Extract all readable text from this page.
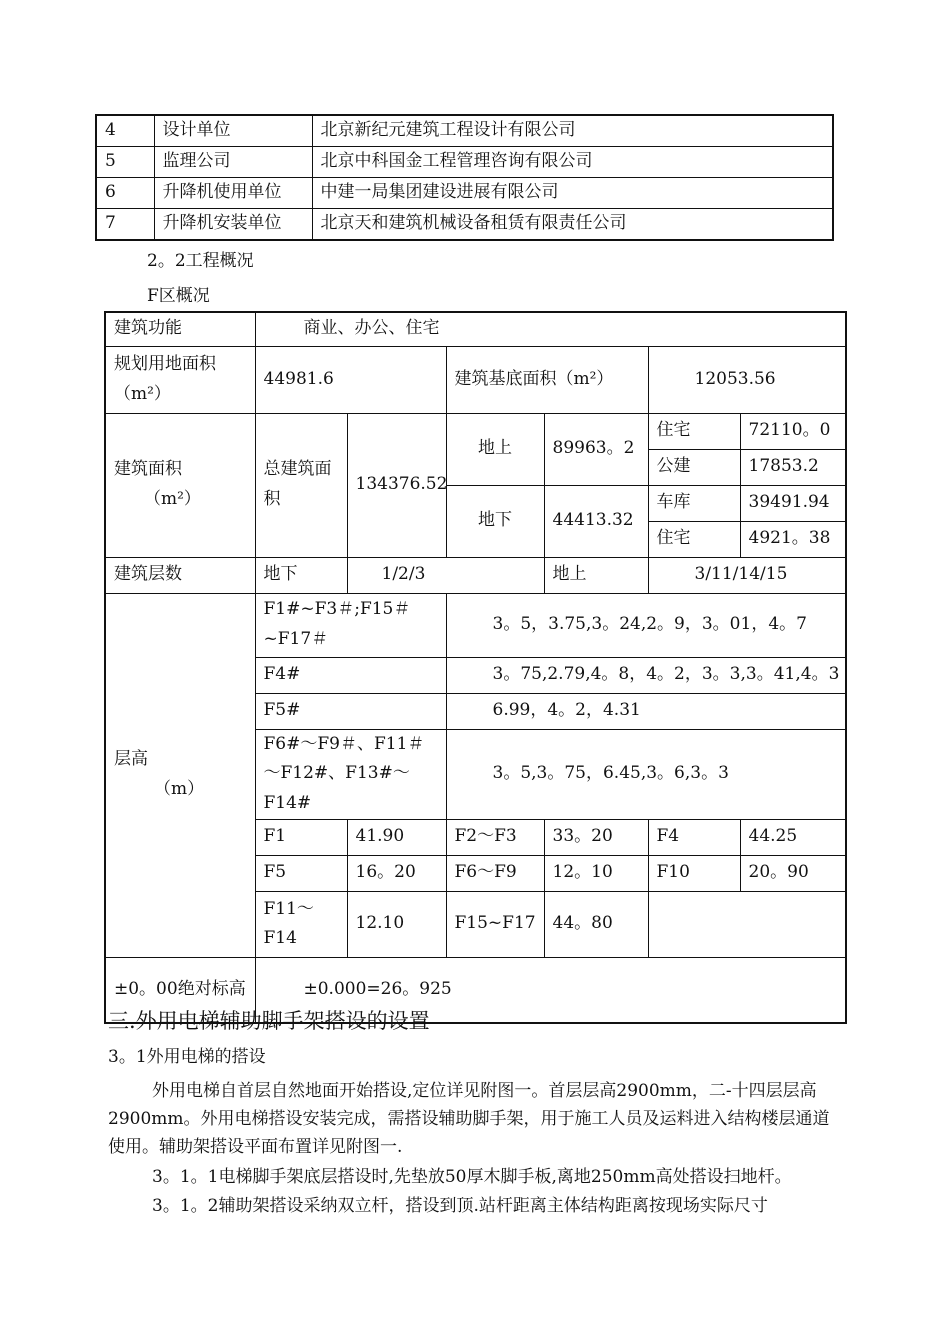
4	设计单位	北京新纪元建筑工程设计有限公司
5	监理公司	北京中科国金工程管理咨询有限公司
6	升降机使用单位	中建一局集团建设进展有限公司
7	升降机安装单位	北京天和建筑机械设备租赁有限责任公司
2。2工程概况
F区概况
建筑功能	商业、办公、住宅					
规划用地面积（m²）	44981.6		建筑基底面积（m²）		12053.56	

建筑面积
（m²）	总建筑面积	134376.52	地上	89963。2	住宅	72110。0
					公建	17853.2
			地下	44413.32	车库	39491.94
					住宅	4921。38
建筑层数	地下	1/2/3		地上	3/11/14/15	

层高
（m）	F1#~F3＃;F15＃~F17＃		3。5，3.75,3。24,2。9，3。01，4。7			
	F4#		3。75,2.79,4。8，4。2，3。3,3。41,4。3			
	F5#		6.99，4。2，4.31			
	F6#～F9＃、F11＃～F12#、F13#～F14#		3。5,3。75，6.45,3。6,3。3			
	F1	41.90	F2～F3	33。20	F4	44.25
	F5	16。20	F6～F9	12。10	F10	20。90
	F11～F14	12.10	F15~F17	44。80		
±0。00绝对标高	±0.000=26。925					
三.外用电梯辅助脚手架搭设的设置
3。1外用电梯的搭设
外用电梯自首层自然地面开始搭设,定位详见附图一。首层层高2900mm，二-十四层层高2900mm。外用电梯搭设安装完成，需搭设辅助脚手架，用于施工人员及运料进入结构楼层通道使用。辅助架搭设平面布置详见附图一.
3。1。1电梯脚手架底层搭设时,先垫放50厚木脚手板,离地250mm高处搭设扫地杆。
3。1。2辅助架搭设采纳双立杆，搭设到顶.站杆距离主体结构距离按现场实际尺寸
